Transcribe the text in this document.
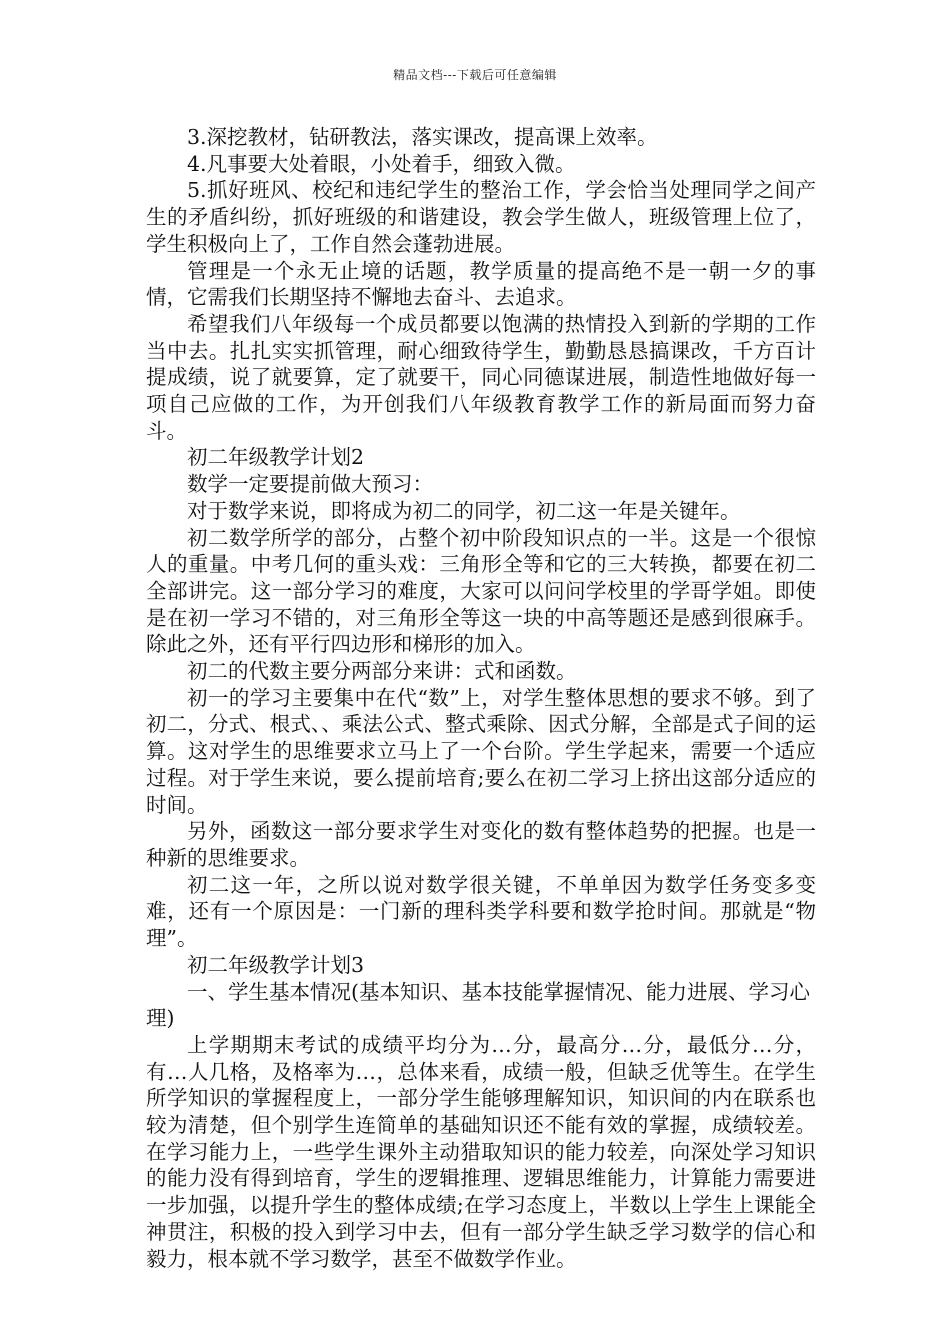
精品文档---下载后可任意编辑

3.深挖教材，钻研教法，落实课改，提高课上效率。

4.凡事要大处着眼，小处着手，细致入微。

5.抓好班风、校纪和违纪学生的整治工作，学会恰当处理同学之间产生的矛盾纠纷，抓好班级的和谐建设，教会学生做人，班级管理上位了，学生积极向上了，工作自然会蓬勃进展。

管理是一个永无止境的话题，教学质量的提高绝不是一朝一夕的事情，它需我们长期坚持不懈地去奋斗、去追求。

希望我们八年级每一个成员都要以饱满的热情投入到新的学期的工作当中去。扎扎实实抓管理，耐心细致待学生，勤勤恳恳搞课改，千方百计提成绩，说了就要算，定了就要干，同心同德谋进展，制造性地做好每一项自己应做的工作，为开创我们八年级教育教学工作的新局面而努力奋斗。

初二年级教学计划2

数学一定要提前做大预习：

对于数学来说，即将成为初二的同学，初二这一年是关键年。

初二数学所学的部分，占整个初中阶段知识点的一半。这是一个很惊人的重量。中考几何的重头戏：三角形全等和它的三大转换，都要在初二全部讲完。这一部分学习的难度，大家可以问问学校里的学哥学姐。即使是在初一学习不错的，对三角形全等这一块的中高等题还是感到很麻手。除此之外，还有平行四边形和梯形的加入。

初二的代数主要分两部分来讲：式和函数。

初一的学习主要集中在代“数”上，对学生整体思想的要求不够。到了初二，分式、根式、、乘法公式、整式乘除、因式分解，全部是式子间的运算。这对学生的思维要求立马上了一个台阶。学生学起来，需要一个适应过程。对于学生来说，要么提前培育;要么在初二学习上挤出这部分适应的时间。

另外，函数这一部分要求学生对变化的数有整体趋势的把握。也是一种新的思维要求。

初二这一年，之所以说对数学很关键，不单单因为数学任务变多变难，还有一个原因是：一门新的理科类学科要和数学抢时间。那就是“物理”。

初二年级教学计划3

一、学生基本情况(基本知识、基本技能掌握情况、能力进展、学习心理)

上学期期末考试的成绩平均分为…分，最高分…分，最低分…分，有…人几格，及格率为…，总体来看，成绩一般，但缺乏优等生。在学生所学知识的掌握程度上，一部分学生能够理解知识，知识间的内在联系也较为清楚，但个别学生连简单的基础知识还不能有效的掌握，成绩较差。在学习能力上，一些学生课外主动猎取知识的能力较差，向深处学习知识的能力没有得到培育，学生的逻辑推理、逻辑思维能力，计算能力需要进一步加强，以提升学生的整体成绩;在学习态度上，半数以上学生上课能全神贯注，积极的投入到学习中去，但有一部分学生缺乏学习数学的信心和毅力，根本就不学习数学，甚至不做数学作业。
